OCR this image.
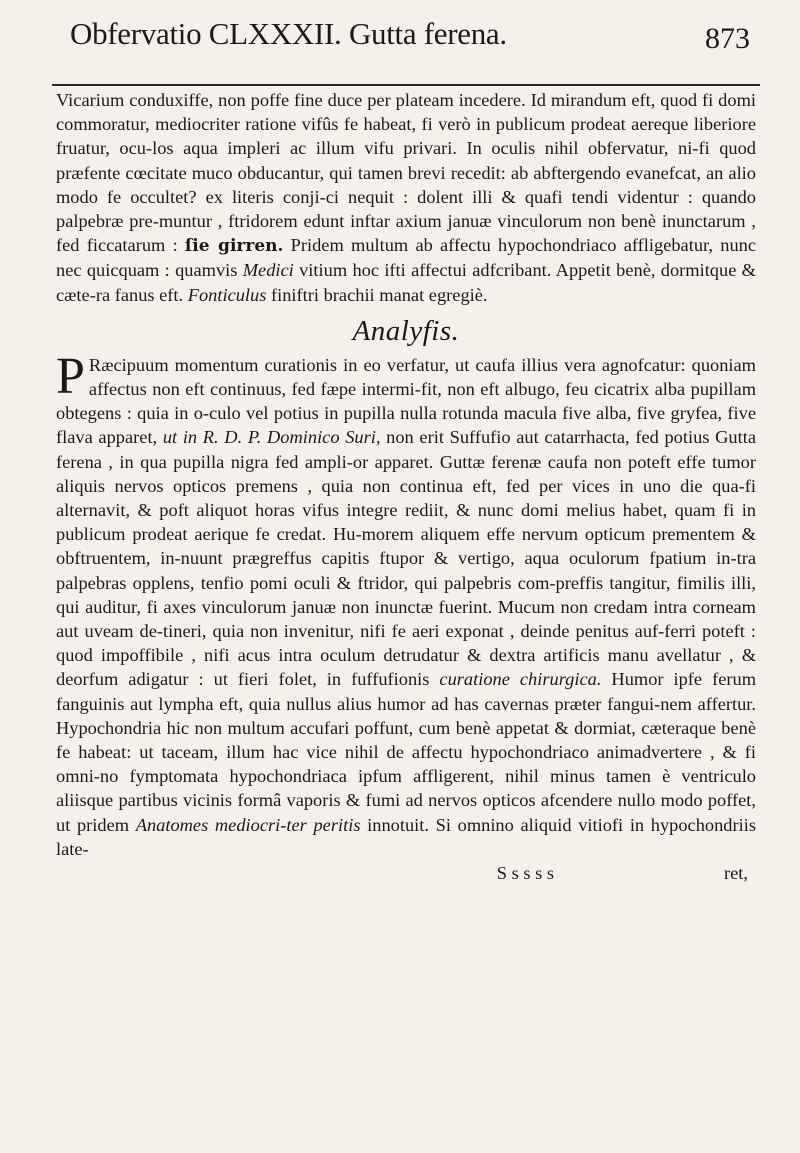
Obfervatio CLXXXII. Gutta ferena.	873

Vicarium conduxiffe, non poffe fine duce per plateam incedere. Id mirandum eft, quod fi domi commoratur, mediocriter ratione vifûs fe habeat, fi verò in publicum prodeat aereque liberiore fruatur, ocu-los aqua impleri ac illum vifu privari. In oculis nihil obfervatur, ni-fi quod præfente cœcitate muco obducantur, qui tamen brevi recedit: ab abftergendo evanefcat, an alio modo fe occultet? ex literis conji-ci nequit : dolent illi & quafi tendi videntur : quando palpebræ pre-muntur , ftridorem edunt inftar axium januæ vinculorum non benè inunctarum , fed ficcatarum : ſie girren. Pridem multum ab affectu hypochondriaco affligebatur, nunc nec quicquam : quamvis Medici vitium hoc ifti affectui adfcribant. Appetit benè, dormitque & cæte-ra fanus eft. Fonticulus finiftri brachii manat egregiè.

Analyfis.

P Ræcipuum momentum curationis in eo verfatur, ut caufa illius vera agnofcatur: quoniam affectus non eft continuus, fed fæpe intermi-fit, non eft albugo, feu cicatrix alba pupillam obtegens : quia in o-culo vel potius in pupilla nulla rotunda macula five alba, five gryfea, five flava apparet, ut in R. D. P. Dominico Suri, non erit Suffufio aut catarrhacta, fed potius Gutta ferena , in qua pupilla nigra fed ampli-or apparet. Guttæ ferenæ caufa non poteft effe tumor aliquis nervos opticos premens , quia non continua eft, fed per vices in uno die qua-fi alternavit, & poft aliquot horas vifus integre rediit, & nunc domi melius habet, quam fi in publicum prodeat aerique fe credat. Hu-morem aliquem effe nervum opticum prementem & obftruentem, in-nuunt prægreffus capitis ftupor & vertigo, aqua oculorum fpatium in-tra palpebras opplens, tenfio pomi oculi & ftridor, qui palpebris com-preffis tangitur, fimilis illi, qui auditur, fi axes vinculorum januæ non inunctæ fuerint. Mucum non credam intra corneam aut uveam de-tineri, quia non invenitur, nifi fe aeri exponat , deinde penitus auf-ferri poteft : quod impoffibile , nifi acus intra oculum detrudatur & dextra artificis manu avellatur , & deorfum adigatur : ut fieri folet, in fuffufionis curatione chirurgica. Humor ipfe ferum fanguinis aut lympha eft, quia nullus alius humor ad has cavernas præter fangui-nem affertur. Hypochondria hic non multum accufari poffunt, cum benè appetat & dormiat, cæteraque benè fe habeat: ut taceam, illum hac vice nihil de affectu hypochondriaco animadvertere , & fi omni-no fymptomata hypochondriaca ipfum affligerent, nihil minus tamen è ventriculo aliisque partibus vicinis formâ vaporis & fumi ad nervos opticos afcendere nullo modo poffet, ut pridem Anatomes mediocri-ter peritis innotuit. Si omnino aliquid vitiofi in hypochondriis late-

S s s s s	ret,
